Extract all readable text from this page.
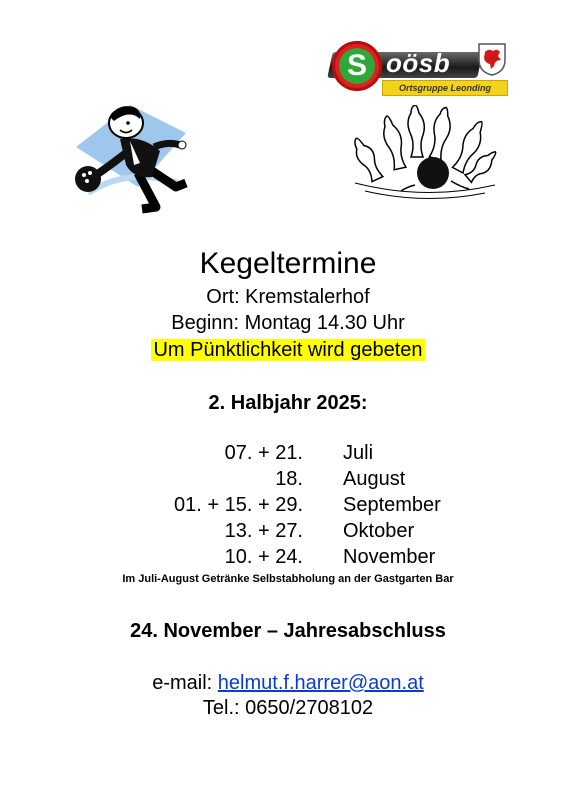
S oösb
Ortsgruppe Leonding
Kegeltermine
Ort: Kremstalerhof
Beginn: Montag 14.30 Uhr
Um Pünktlichkeit wird gebeten
2. Halbjahr 2025:
07. + 21. Juli
18. August
01. + 15. + 29. September
13. + 27. Oktober
10. + 24. November
Im Juli-August Getränke Selbstabholung an der Gastgarten Bar
24. November – Jahresabschluss
e-mail: helmut.f.harrer@aon.at
Tel.: 0650/2708102
